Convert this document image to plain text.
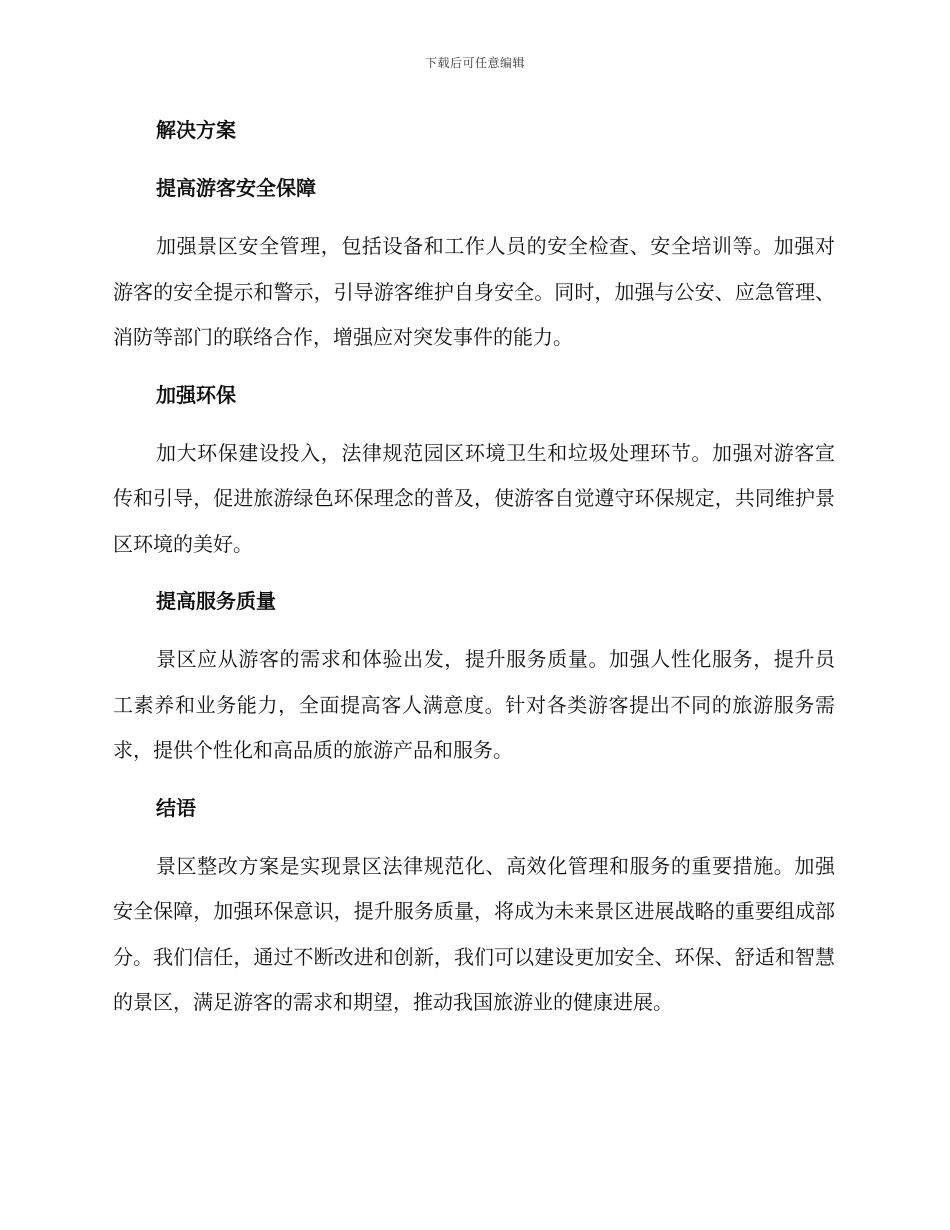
下载后可任意编辑
解决方案
提高游客安全保障

加强景区安全管理，包括设备和工作人员的安全检查、安全培训等。加强对游客的安全提示和警示，引导游客维护自身安全。同时，加强与公安、应急管理、消防等部门的联络合作，增强应对突发事件的能力。

加强环保

加大环保建设投入，法律规范园区环境卫生和垃圾处理环节。加强对游客宣传和引导，促进旅游绿色环保理念的普及，使游客自觉遵守环保规定，共同维护景区环境的美好。

提高服务质量

景区应从游客的需求和体验出发，提升服务质量。加强人性化服务，提升员工素养和业务能力，全面提高客人满意度。针对各类游客提出不同的旅游服务需求，提供个性化和高品质的旅游产品和服务。

结语

景区整改方案是实现景区法律规范化、高效化管理和服务的重要措施。加强安全保障，加强环保意识，提升服务质量，将成为未来景区进展战略的重要组成部分。我们信任，通过不断改进和创新，我们可以建设更加安全、环保、舒适和智慧的景区，满足游客的需求和期望，推动我国旅游业的健康进展。
